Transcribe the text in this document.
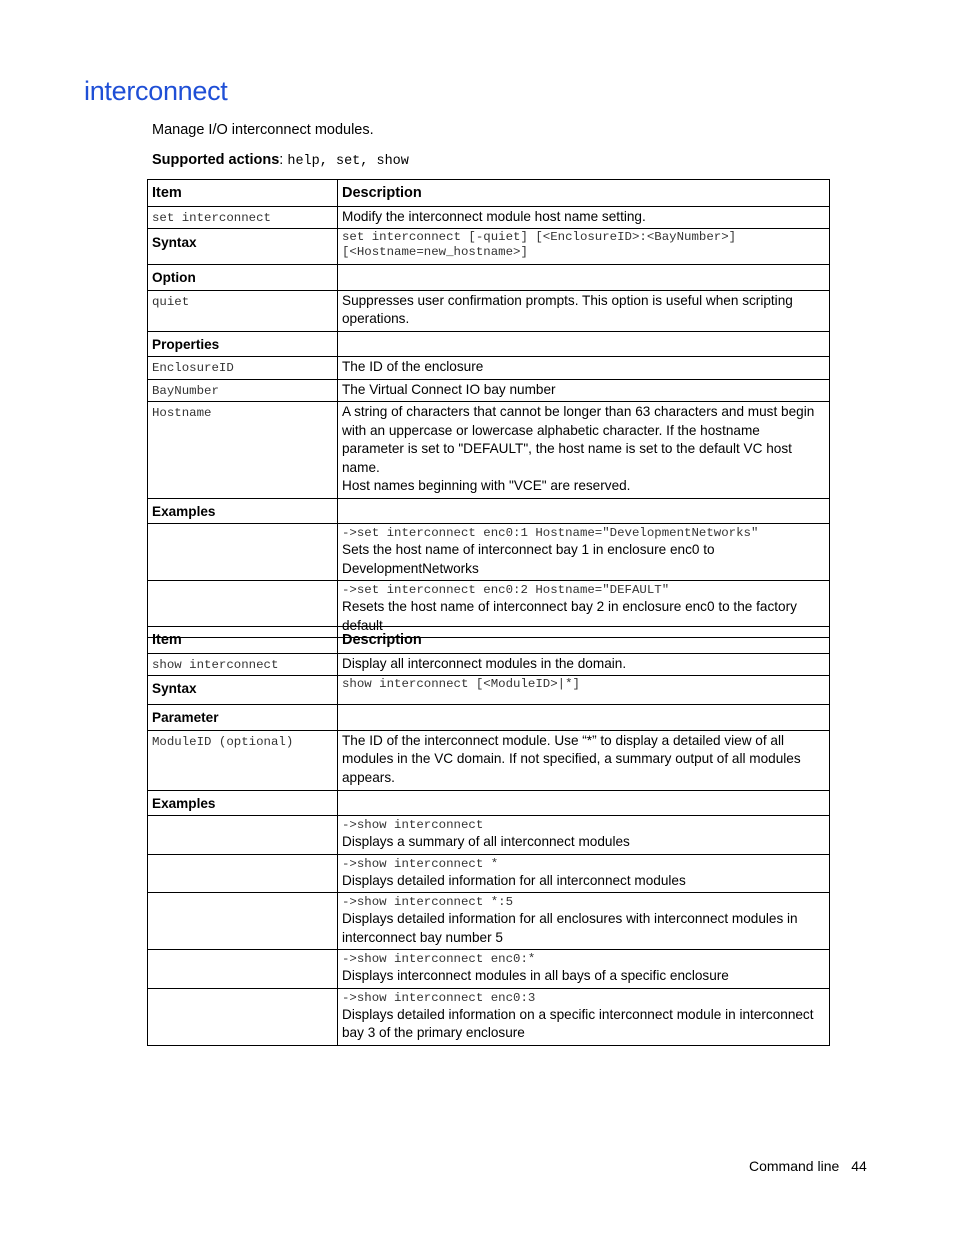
interconnect
Manage I/O interconnect modules.
Supported actions: help, set, show
Item	Description
set interconnect	Modify the interconnect module host name setting.
Syntax	set interconnect [-quiet] [<EnclosureID>:<BayNumber>]
[<Hostname=new_hostname>]

Option	
quiet	Suppresses user confirmation prompts. This option is useful when scripting operations.
Properties	
EnclosureID	The ID of the enclosure
BayNumber	The Virtual Connect IO bay number
Hostname	A string of characters that cannot be longer than 63 characters and must begin with an uppercase or lowercase alphabetic character. If the hostname parameter is set to "DEFAULT", the host name is set to the default VC host name.
Host names beginning with "VCE" are reserved.

Examples	

	->set interconnect enc0:1 Hostname="DevelopmentNetworks"
Sets the host name of interconnect bay 1 in enclosure enc0 to DevelopmentNetworks

	->set interconnect enc0:2 Hostname="DEFAULT"
Resets the host name of interconnect bay 2 in enclosure enc0 to the factory default
Item	Description
show interconnect	Display all interconnect modules in the domain.
Syntax	show interconnect [<ModuleID>|*]

Parameter	
ModuleID (optional)	The ID of the interconnect module. Use “*” to display a detailed view of all modules in the VC domain. If not specified, a summary output of all modules appears.
Examples	

	->show interconnect
Displays a summary of all interconnect modules

	->show interconnect *
Displays detailed information for all interconnect modules

	->show interconnect *:5
Displays detailed information for all enclosures with interconnect modules in interconnect bay number 5

	->show interconnect enc0:*
Displays interconnect modules in all bays of a specific enclosure

	->show interconnect enc0:3
Displays detailed information on a specific interconnect module in interconnect bay 3 of the primary enclosure
Command line 44
